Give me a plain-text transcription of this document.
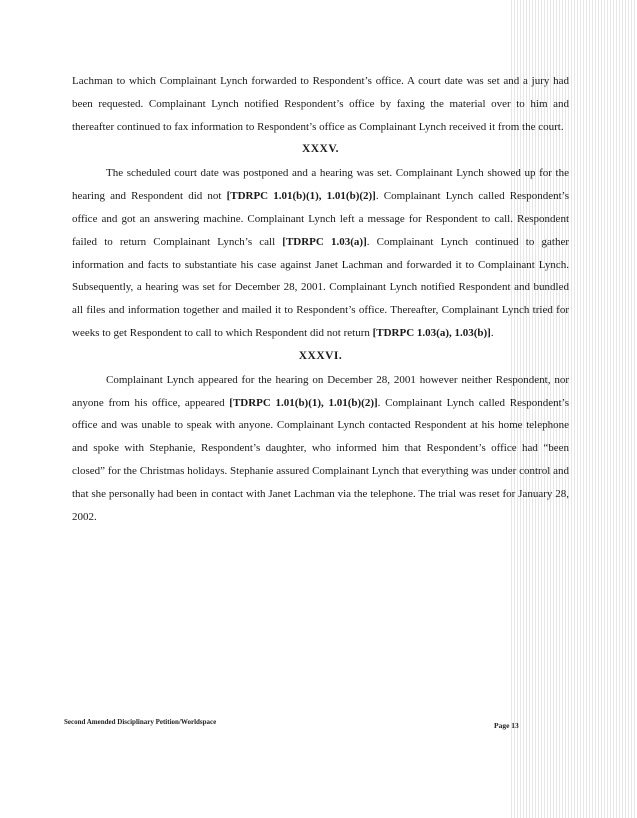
Lachman to which Complainant Lynch forwarded to Respondent’s office. A court date was set and a jury had been requested. Complainant Lynch notified Respondent’s office by faxing the material over to him and thereafter continued to fax information to Respondent’s office as Complainant Lynch received it from the court.

XXXV.

The scheduled court date was postponed and a hearing was set. Complainant Lynch showed up for the hearing and Respondent did not [TDRPC 1.01(b)(1), 1.01(b)(2)]. Complainant Lynch called Respondent’s office and got an answering machine. Complainant Lynch left a message for Respondent to call. Respondent failed to return Complainant Lynch’s call [TDRPC 1.03(a)]. Complainant Lynch continued to gather information and facts to substantiate his case against Janet Lachman and forwarded it to Complainant Lynch. Subsequently, a hearing was set for December 28, 2001. Complainant Lynch notified Respondent and bundled all files and information together and mailed it to Respondent’s office. Thereafter, Complainant Lynch tried for weeks to get Respondent to call to which Respondent did not return [TDRPC 1.03(a), 1.03(b)].

XXXVI.

Complainant Lynch appeared for the hearing on December 28, 2001 however neither Respondent, nor anyone from his office, appeared [TDRPC 1.01(b)(1), 1.01(b)(2)]. Complainant Lynch called Respondent’s office and was unable to speak with anyone. Complainant Lynch contacted Respondent at his home telephone and spoke with Stephanie, Respondent’s daughter, who informed him that Respondent’s office had “been closed” for the Christmas holidays. Stephanie assured Complainant Lynch that everything was under control and that she personally had been in contact with Janet Lachman via the telephone. The trial was reset for January 28, 2002.

Second Amended Disciplinary Petition/Worldspace	Page 13
